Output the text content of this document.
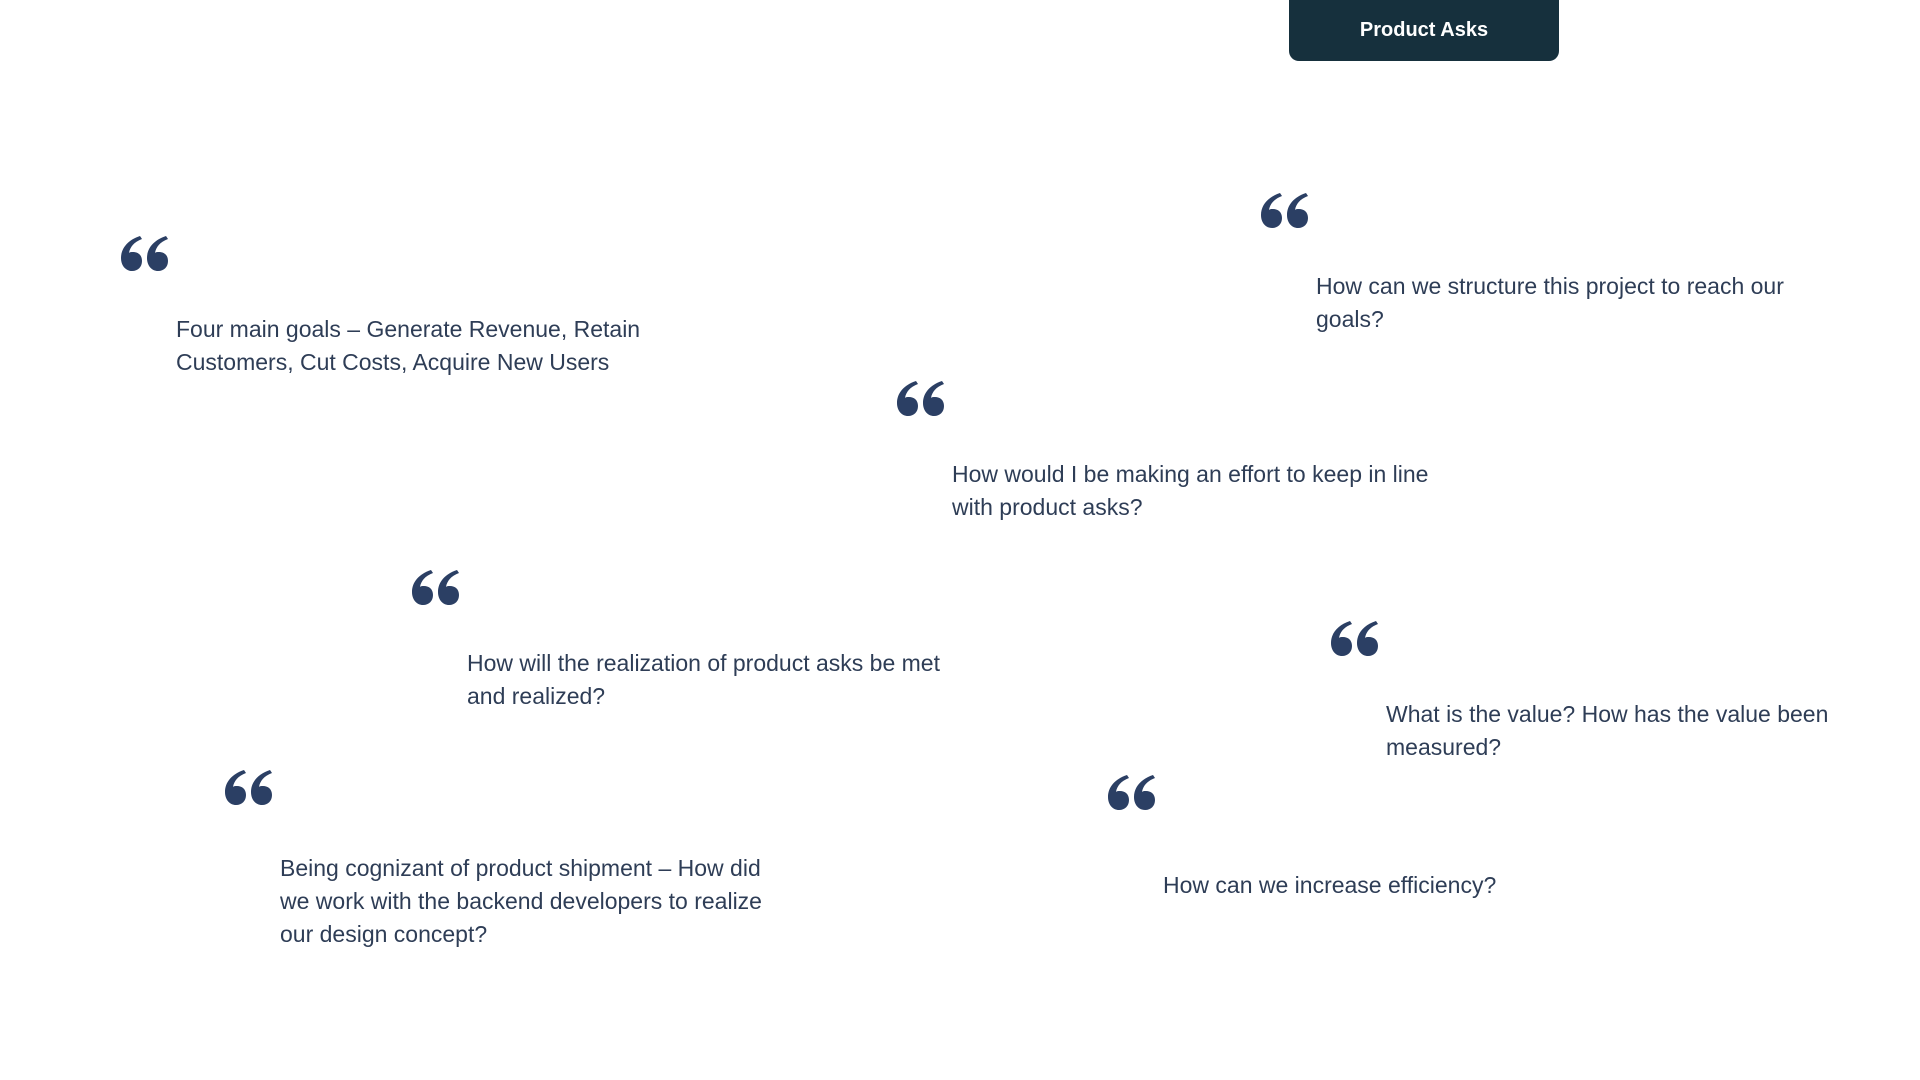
Product Asks
Four main goals – Generate Revenue, Retain Customers, Cut Costs, Acquire New Users
How can we structure this project to reach our goals?
How would I be making an effort to keep in line with product asks?
How will the realization of product asks be met and realized?
What is the value? How has the value been measured?
Being cognizant of product shipment – How did we work with the backend developers to realize our design concept?
How can we increase efficiency?
